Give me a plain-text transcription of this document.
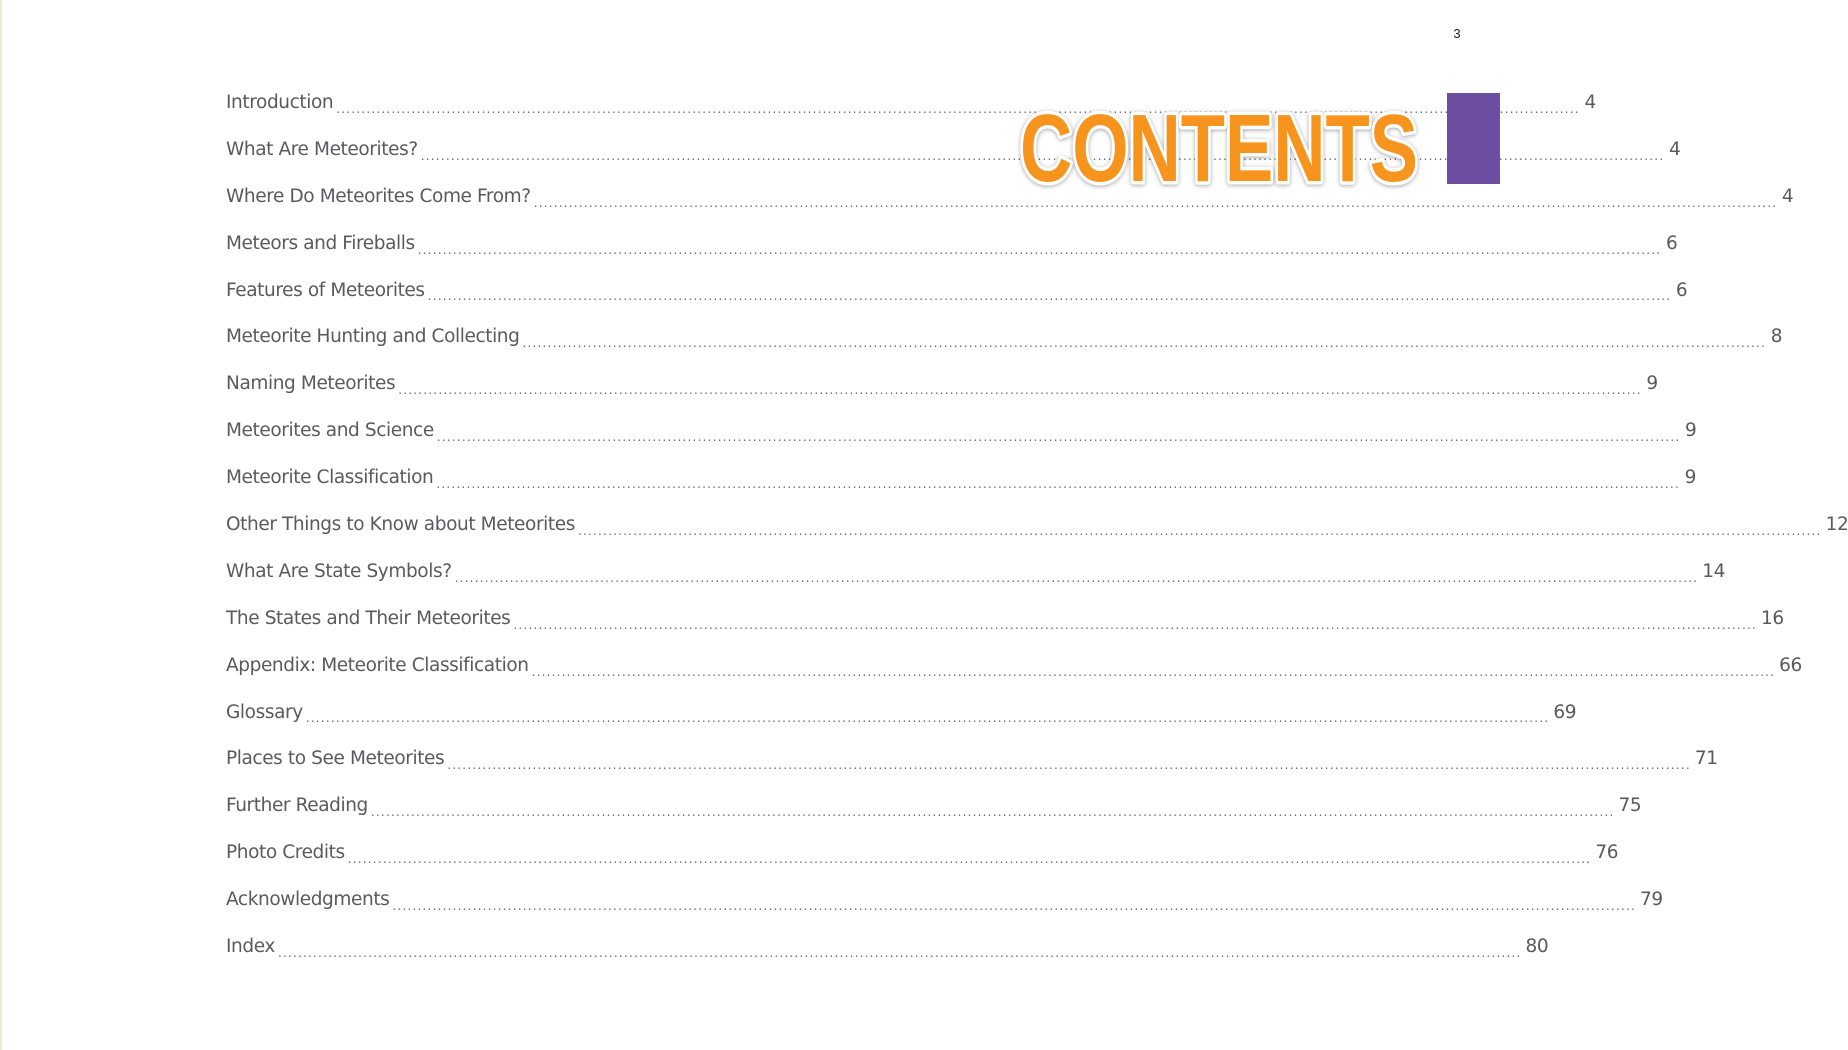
3
Introduction .....	4
What Are Meteorites? .....	4
Where Do Meteorites Come From? .....	4
Meteors and Fireballs .....	6
Features of Meteorites .....	6
Meteorite Hunting and Collecting .....	8
Naming Meteorites .....	9
Meteorites and Science .....	9
Meteorite Classification .....	9
Other Things to Know about Meteorites .....	12
What Are State Symbols? .....	14
The States and Their Meteorites .....	16
Appendix: Meteorite Classification .....	66
Glossary .....	69
Places to See Meteorites .....	71
Further Reading .....	75
Photo Credits .....	76
Acknowledgments .....	79
Index .....	80
CONTENTS
